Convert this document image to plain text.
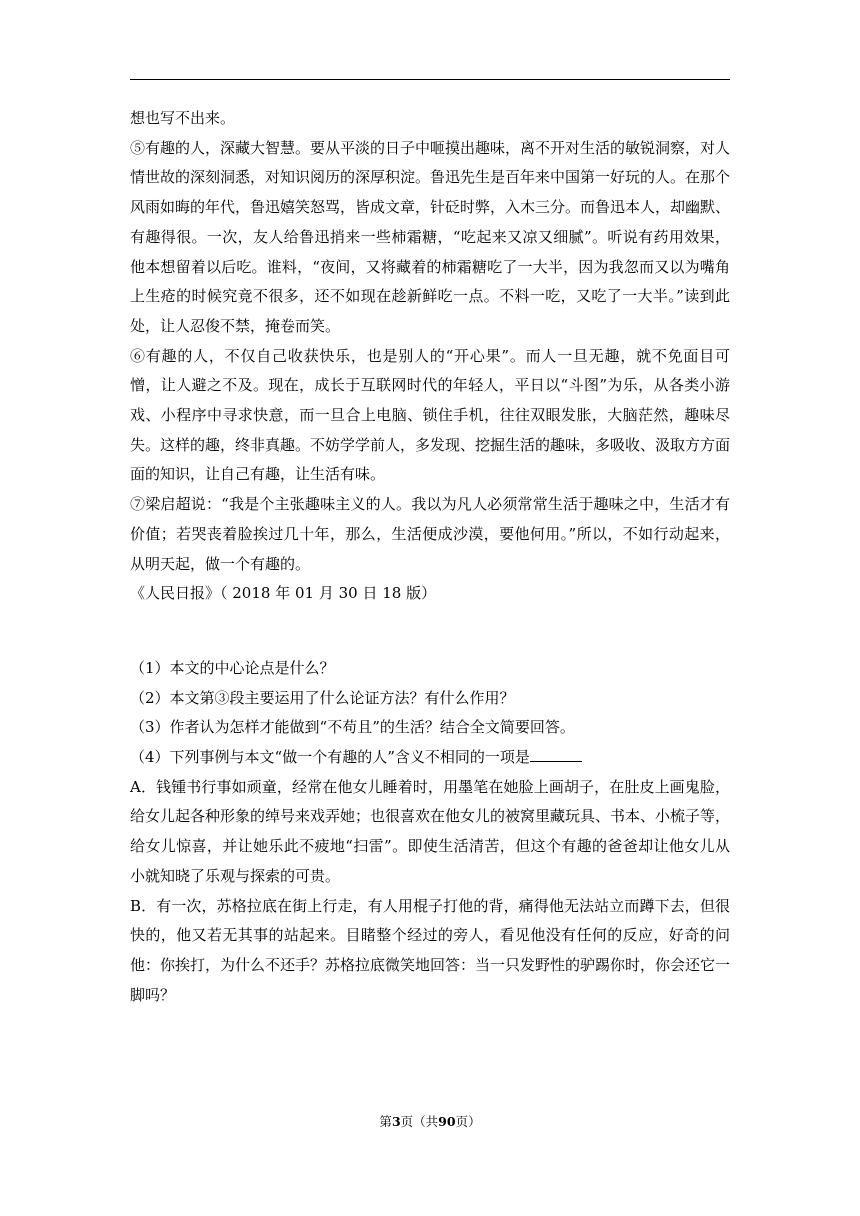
想也写不出来。

⑤有趣的人，深藏大智慧。要从平淡的日子中咂摸出趣味，离不开对生活的敏锐洞察，对人情世故的深刻洞悉，对知识阅历的深厚积淀。鲁迅先生是百年来中国第一好玩的人。在那个风雨如晦的年代，鲁迅嬉笑怒骂，皆成文章，针砭时弊，入木三分。而鲁迅本人，却幽默、有趣得很。一次，友人给鲁迅捎来一些柿霜糖，“吃起来又凉又细腻”。听说有药用效果，他本想留着以后吃。谁料，“夜间，又将藏着的柿霜糖吃了一大半，因为我忽而又以为嘴角上生疮的时候究竟不很多，还不如现在趁新鲜吃一点。不料一吃，又吃了一大半。”读到此处，让人忍俊不禁，掩卷而笑。

⑥有趣的人，不仅自己收获快乐，也是别人的“开心果”。而人一旦无趣，就不免面目可憎，让人避之不及。现在，成长于互联网时代的年轻人，平日以“斗图”为乐，从各类小游戏、小程序中寻求快意，而一旦合上电脑、锁住手机，往往双眼发胀，大脑茫然，趣味尽失。这样的趣，终非真趣。不妨学学前人，多发现、挖掘生活的趣味，多吸收、汲取方方面面的知识，让自己有趣，让生活有味。

⑦梁启超说：“我是个主张趣味主义的人。我以为凡人必须常常生活于趣味之中，生活才有价值；若哭丧着脸挨过几十年，那么，生活便成沙漠，要他何用。”所以，不如行动起来，从明天起，做一个有趣的。

《人民日报》（ 2018 年 01 月 30 日 18 版）

（1）本文的中心论点是什么？

（2）本文第③段主要运用了什么论证方法？有什么作用？

（3）作者认为怎样才能做到“不苟且”的生活？结合全文简要回答。

（4）下列事例与本文“做一个有趣的人”含义不相同的一项是

A．钱锺书行事如顽童，经常在他女儿睡着时，用墨笔在她脸上画胡子，在肚皮上画鬼脸，给女儿起各种形象的绰号来戏弄她；也很喜欢在他女儿的被窝里藏玩具、书本、小梳子等，给女儿惊喜，并让她乐此不疲地“扫雷”。即使生活清苦，但这个有趣的爸爸却让他女儿从小就知晓了乐观与探索的可贵。

B．有一次，苏格拉底在街上行走，有人用棍子打他的背，痛得他无法站立而蹲下去，但很快的，他又若无其事的站起来。目睹整个经过的旁人，看见他没有任何的反应，好奇的问他：你挨打，为什么不还手？苏格拉底微笑地回答：当一只发野性的驴踢你时，你会还它一脚吗？

第3页（共90页）
